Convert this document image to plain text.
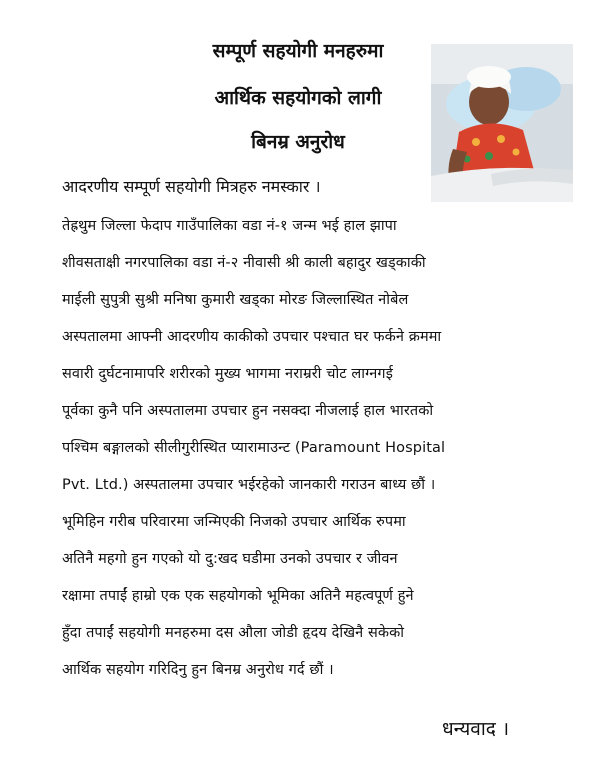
सम्पूर्ण सहयोगी मनहरुमा
आर्थिक सहयोगको लागी
बिनम्र अनुरोध
आदरणीय सम्पूर्ण सहयोगी मित्रहरु नमस्कार ।
तेह्रथुम जिल्ला फेदाप गाउँपालिका वडा नं-१ जन्म भई हाल झापा
शीवसताक्षी नगरपालिका वडा नं-२ नीवासी श्री काली बहादुर खड्काकी
माईली सुपुत्री सुश्री मनिषा कुमारी खड्का मोरङ जिल्लास्थित नोबेल
अस्पतालमा आफ्नी आदरणीय काकीको उपचार पश्चात घर फर्कने क्रममा
सवारी दुर्घटनामापरि शरीरको मुख्य भागमा नराम्ररी चोट लाग्नगई
पूर्वका कुनै पनि अस्पतालमा उपचार हुन नसक्दा नीजलाई हाल भारतको
पश्चिम बङ्गालको सीलीगुरीस्थित प्यारामाउन्ट (Paramount Hospital
Pvt. Ltd.) अस्पतालमा उपचार भईरहेको जानकारी गराउन बाध्य छौं ।
भूमिहिन गरीब परिवारमा जन्मिएकी निजको उपचार आर्थिक रुपमा
अतिनै महगो हुन गएको यो दु:खद घडीमा उनको उपचार र जीवन
रक्षामा तपाईं हाम्रो एक एक सहयोगको भूमिका अतिनै महत्वपूर्ण हुने
हुँदा तपाईं सहयोगी मनहरुमा दस औला जोडी हृदय देखिनै सकेको
आर्थिक सहयोग गरिदिनु हुन बिनम्र अनुरोध गर्द छौं ।
धन्यवाद ।
